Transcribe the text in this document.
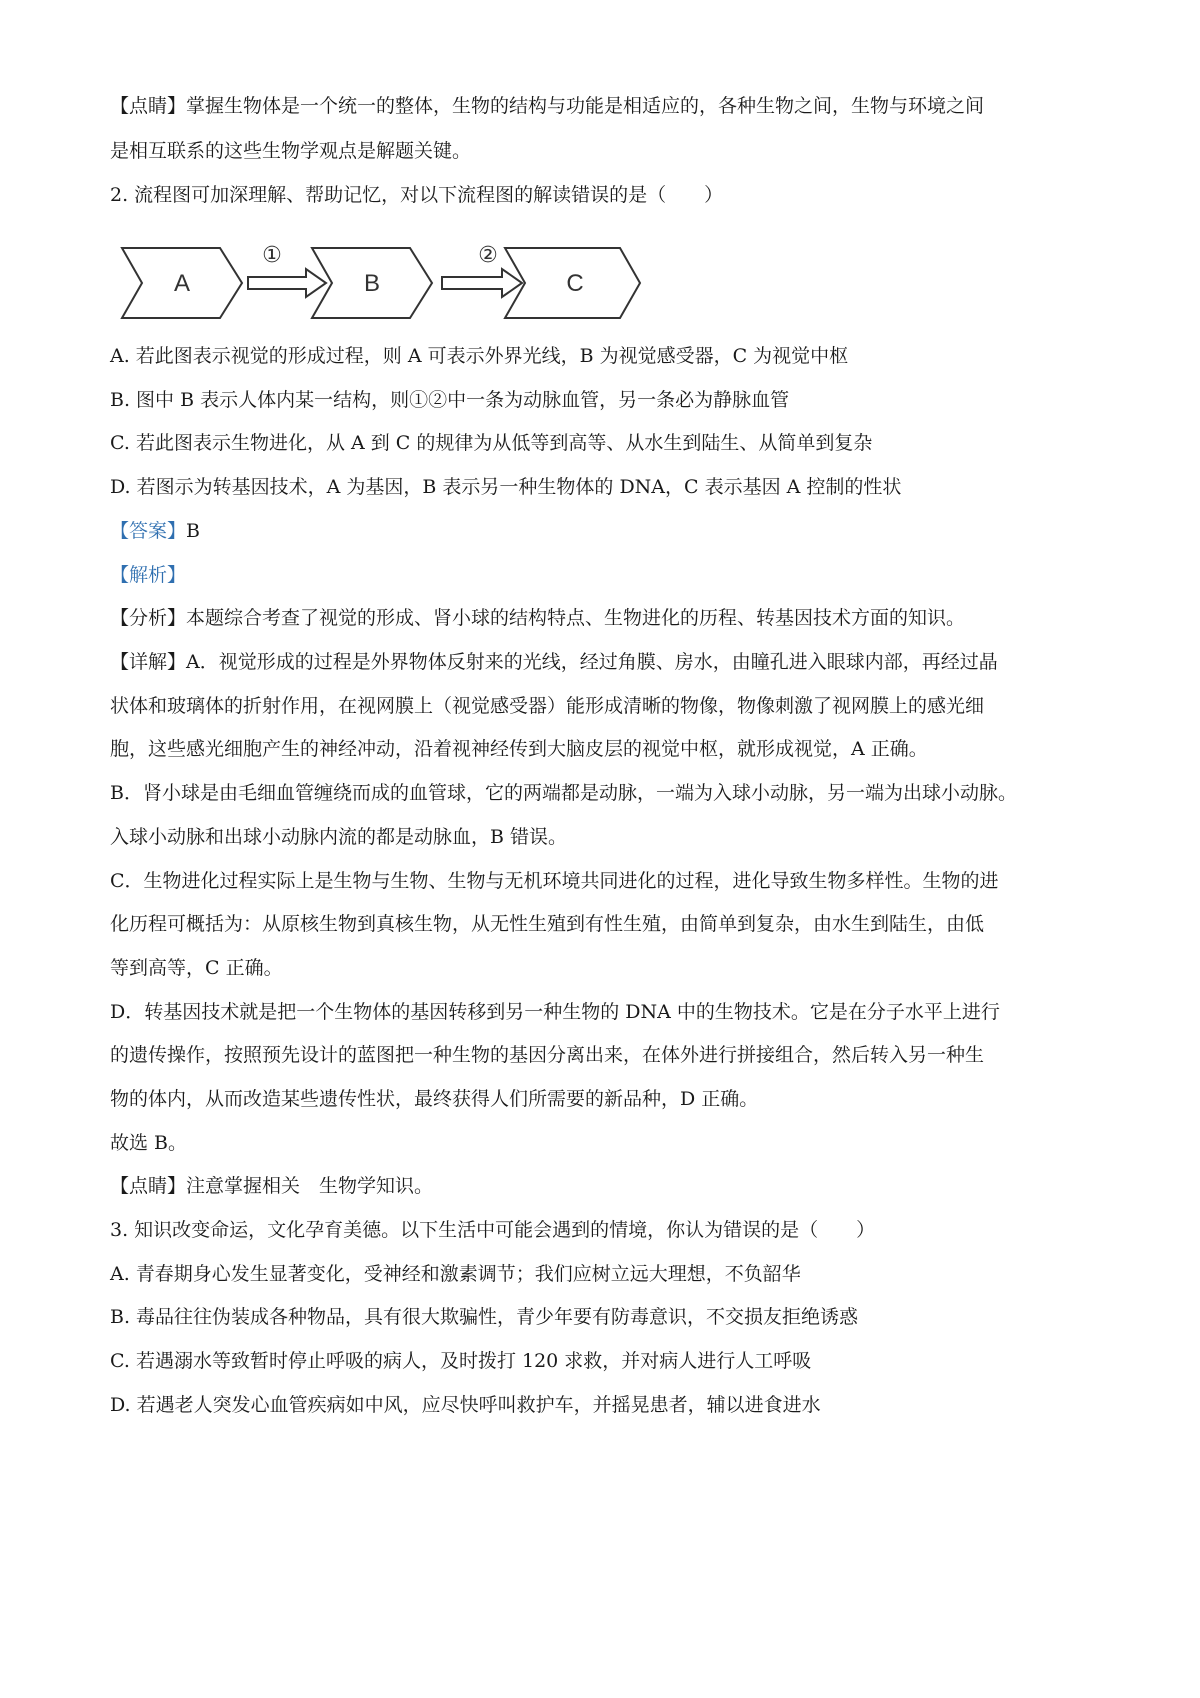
【点睛】掌握生物体是一个统一的整体，生物的结构与功能是相适应的，各种生物之间，生物与环境之间
是相互联系的这些生物学观点是解题关键。
2. 流程图可加深理解、帮助记忆，对以下流程图的解读错误的是（　　）
A
①
B
②
C
A. 若此图表示视觉的形成过程，则 A 可表示外界光线，B 为视觉感受器，C 为视觉中枢
B. 图中 B 表示人体内某一结构，则①②中一条为动脉血管，另一条必为静脉血管
C. 若此图表示生物进化，从 A 到 C 的规律为从低等到高等、从水生到陆生、从简单到复杂
D. 若图示为转基因技术，A 为基因，B 表示另一种生物体的 DNA，C 表示基因 A 控制的性状
【答案】B
【解析】
【分析】本题综合考查了视觉的形成、肾小球的结构特点、生物进化的历程、转基因技术方面的知识。
【详解】A．视觉形成的过程是外界物体反射来的光线，经过角膜、房水，由瞳孔进入眼球内部，再经过晶
状体和玻璃体的折射作用，在视网膜上（视觉感受器）能形成清晰的物像，物像刺激了视网膜上的感光细
胞，这些感光细胞产生的神经冲动，沿着视神经传到大脑皮层的视觉中枢，就形成视觉，A 正确。
B．肾小球是由毛细血管缠绕而成的血管球，它的两端都是动脉，一端为入球小动脉，另一端为出球小动脉。
入球小动脉和出球小动脉内流的都是动脉血，B 错误。
C．生物进化过程实际上是生物与生物、生物与无机环境共同进化的过程，进化导致生物多样性。生物的进
化历程可概括为：从原核生物到真核生物，从无性生殖到有性生殖，由简单到复杂，由水生到陆生，由低
等到高等，C 正确。
D．转基因技术就是把一个生物体的基因转移到另一种生物的 DNA 中的生物技术。它是在分子水平上进行
的遗传操作，按照预先设计的蓝图把一种生物的基因分离出来，在体外进行拼接组合，然后转入另一种生
物的体内，从而改造某些遗传性状，最终获得人们所需要的新品种，D 正确。
故选 B。
【点睛】注意掌握相关　生物学知识。
3. 知识改变命运，文化孕育美德。以下生活中可能会遇到的情境，你认为错误的是（　　）
A. 青春期身心发生显著变化，受神经和激素调节；我们应树立远大理想，不负韶华
B. 毒品往往伪装成各种物品，具有很大欺骗性，青少年要有防毒意识，不交损友拒绝诱惑
C. 若遇溺水等致暂时停止呼吸的病人，及时拨打 120 求救，并对病人进行人工呼吸
D. 若遇老人突发心血管疾病如中风，应尽快呼叫救护车，并摇晃患者，辅以进食进水
